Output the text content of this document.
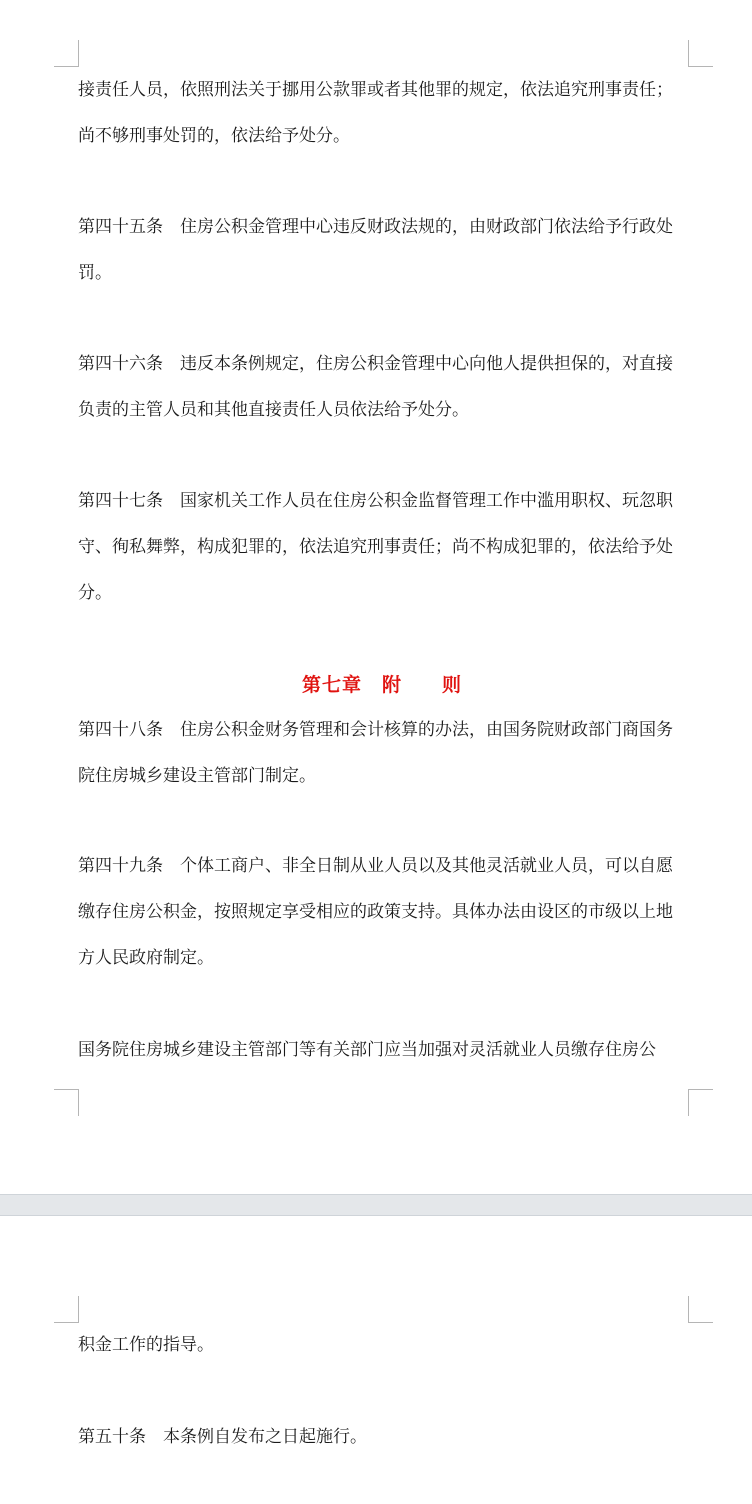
接责任人员，依照刑法关于挪用公款罪或者其他罪的规定，依法追究刑事责任；

尚不够刑事处罚的，依法给予处分。

第四十五条　住房公积金管理中心违反财政法规的，由财政部门依法给予行政处

罚。

第四十六条　违反本条例规定，住房公积金管理中心向他人提供担保的，对直接

负责的主管人员和其他直接责任人员依法给予处分。

第四十七条　国家机关工作人员在住房公积金监督管理工作中滥用职权、玩忽职

守、徇私舞弊，构成犯罪的，依法追究刑事责任；尚不构成犯罪的，依法给予处

分。

第七章　附　　则

第四十八条　住房公积金财务管理和会计核算的办法，由国务院财政部门商国务

院住房城乡建设主管部门制定。

第四十九条　个体工商户、非全日制从业人员以及其他灵活就业人员，可以自愿

缴存住房公积金，按照规定享受相应的政策支持。具体办法由设区的市级以上地

方人民政府制定。

国务院住房城乡建设主管部门等有关部门应当加强对灵活就业人员缴存住房公

积金工作的指导。

第五十条　本条例自发布之日起施行。
